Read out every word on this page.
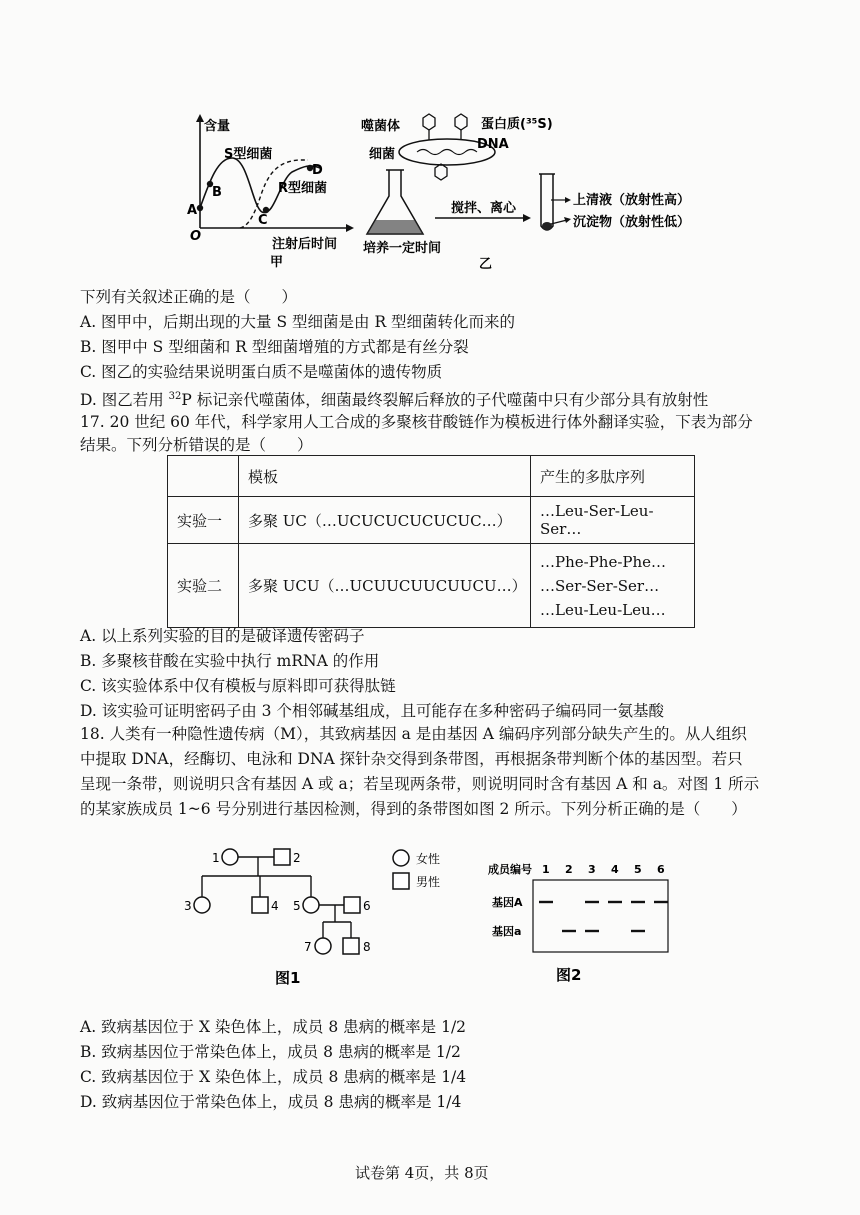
含量
S型细菌
R型细菌
A
B
C
D
O
注射后时间
甲
噬菌体	蛋白质(³⁵S)
DNA
细菌
培养一定时间
搅拌、离心
上清液（放射性高）
沉淀物（放射性低）
乙
下列有关叙述正确的是（　　）
A. 图甲中，后期出现的大量 S 型细菌是由 R 型细菌转化而来的
B. 图甲中 S 型细菌和 R 型细菌增殖的方式都是有丝分裂
C. 图乙的实验结果说明蛋白质不是噬菌体的遗传物质
D. 图乙若用 $^{32}$P 标记亲代噬菌体，细菌最终裂解后释放的子代噬菌中只有少部分具有放射性
17. 20 世纪 60 年代，科学家用人工合成的多聚核苷酸链作为模板进行体外翻译实验，下表为部分
结果。下列分析错误的是（　　）
	模板	产生的多肽序列
实验一	多聚 UC（…UCUCUCUCUCUC…）	…Leu-Ser-Leu-Ser…
实验二	多聚 UCU（…UCUUCUUCUUCU…）	…Phe-Phe-Phe…
…Ser-Ser-Ser…
…Leu-Leu-Leu…
A. 以上系列实验的目的是破译遗传密码子
B. 多聚核苷酸在实验中执行 mRNA 的作用
C. 该实验体系中仅有模板与原料即可获得肽链
D. 该实验可证明密码子由 3 个相邻碱基组成，且可能存在多种密码子编码同一氨基酸
18. 人类有一种隐性遗传病（M），其致病基因 a 是由基因 A 编码序列部分缺失产生的。从人组织
中提取 DNA，经酶切、电泳和 DNA 探针杂交得到条带图，再根据条带判断个体的基因型。若只
呈现一条带，则说明只含有基因 A 或 a；若呈现两条带，则说明同时含有基因 A 和 a。对图 1 所示
的某家族成员 1~6 号分别进行基因检测，得到的条带图如图 2 所示。下列分析正确的是（　　）
1	2
3	4 5	6
7	8
女性
男性
图1
成员编号 1 2 3 4 5 6
基因A
基因a
图2
A. 致病基因位于 X 染色体上，成员 8 患病的概率是 1/2
B. 致病基因位于常染色体上，成员 8 患病的概率是 1/2
C. 致病基因位于 X 染色体上，成员 8 患病的概率是 1/4
D. 致病基因位于常染色体上，成员 8 患病的概率是 1/4
试卷第 4页，共 8页
